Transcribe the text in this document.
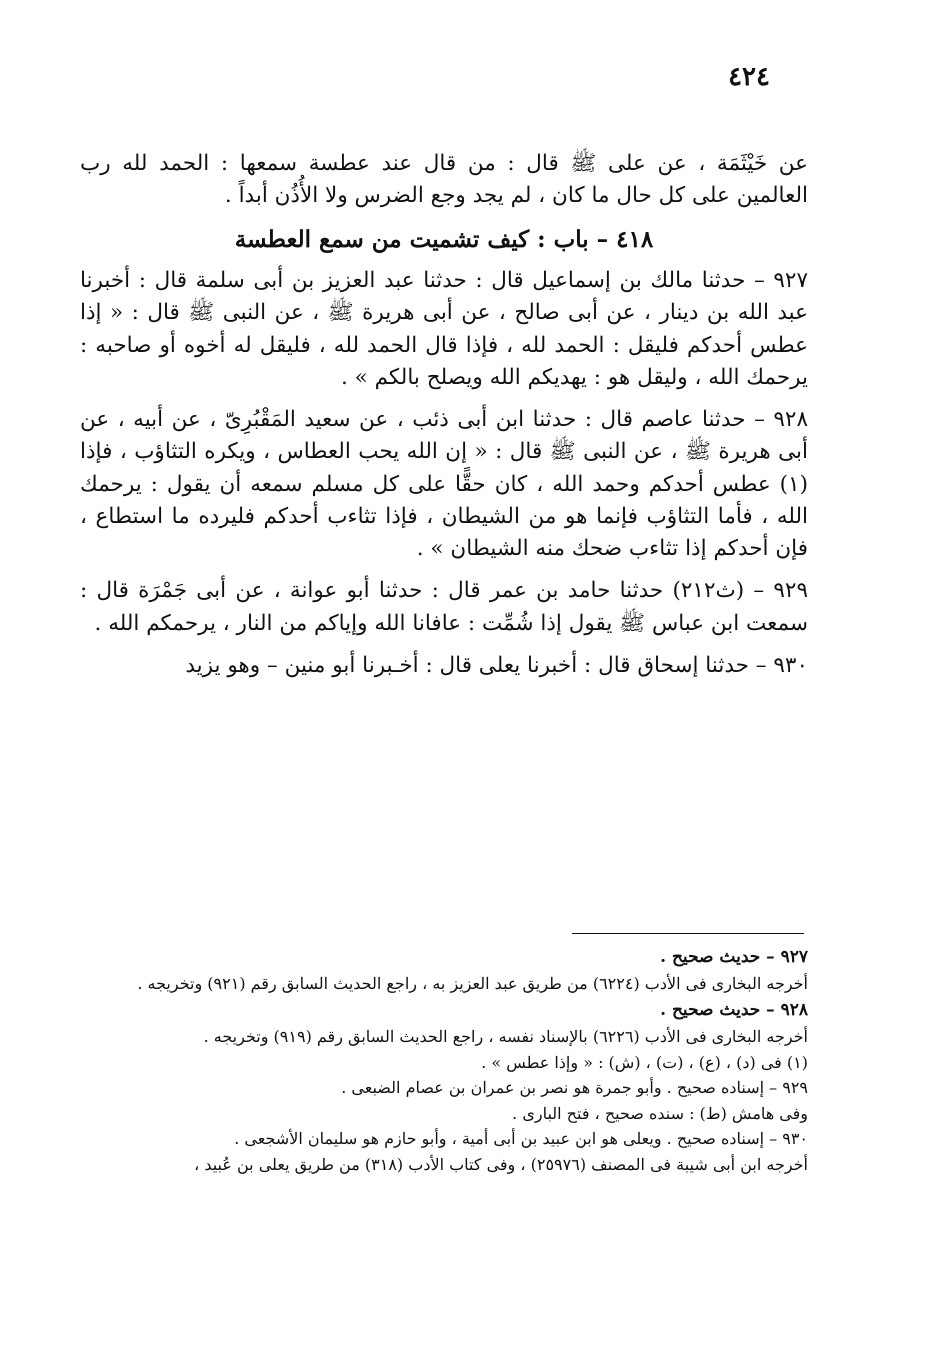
٤٢٤

عن خَيْثَمَة ، عن على ﷺ قال : من قال عند عطسة سمعها : الحمد لله رب العالمين على كل حال ما كان ، لم يجد وجع الضرس ولا الأُذُن أبداً .

٤١٨ – باب : كيف تشميت من سمع العطسة

٩٢٧ – حدثنا مالك بن إسماعيل قال : حدثنا عبد العزيز بن أبى سلمة قال : أخبرنا عبد الله بن دينار ، عن أبى صالح ، عن أبى هريرة ﷺ ، عن النبى ﷺ قال : « إذا عطس أحدكم فليقل : الحمد لله ، فإذا قال الحمد لله ، فليقل له أخوه أو صاحبه : يرحمك الله ، وليقل هو : يهديكم الله ويصلح بالكم » .

٩٢٨ – حدثنا عاصم قال : حدثنا ابن أبى ذئب ، عن سعيد المَقْبُرِىّ ، عن أبيه ، عن أبى هريرة ﷺ ، عن النبى ﷺ قال : « إن الله يحب العطاس ، ويكره التثاؤب ، فإذا (١) عطس أحدكم وحمد الله ، كان حقًّا على كل مسلم سمعه أن يقول : يرحمك الله ، فأما التثاؤب فإنما هو من الشيطان ، فإذا تثاءب أحدكم فليرده ما استطاع ، فإن أحدكم إذا تثاءب ضحك منه الشيطان » .

٩٢٩ – (ث٢١٢) حدثنا حامد بن عمر قال : حدثنا أبو عوانة ، عن أبى جَمْرَة قال : سمعت ابن عباس ﷺ يقول إذا شُمِّت : عافانا الله وإياكم من النار ، يرحمكم الله .

٩٣٠ – حدثنا إسحاق قال : أخبرنا يعلى قال : أخـبرنا أبو منين – وهو يزيد

٩٢٧ – حديث صحيح .
أخرجه البخارى فى الأدب (٦٢٢٤) من طريق عبد العزيز به ، راجع الحديث السابق رقم (٩٢١) وتخريجه .
٩٢٨ – حديث صحيح .
أخرجه البخارى فى الأدب (٦٢٢٦) بالإسناد نفسه ، راجع الحديث السابق رقم (٩١٩) وتخريجه .
(١) فى (د) ، (ع) ، (ت) ، (ش) : « وإذا عطس » .
٩٢٩ – إسناده صحيح . وأبو جمرة هو نصر بن عمران بن عصام الضبعى .
وفى هامش (ط) : سنده صحيح ، فتح البارى .
٩٣٠ – إسناده صحيح . ويعلى هو ابن عبيد بن أبى أمية ، وأبو حازم هو سليمان الأشجعى .
أخرجه ابن أبى شيبة فى المصنف (٢٥٩٧٦) ، وفى كتاب الأدب (٣١٨) من طريق يعلى بن عُبيد ،
